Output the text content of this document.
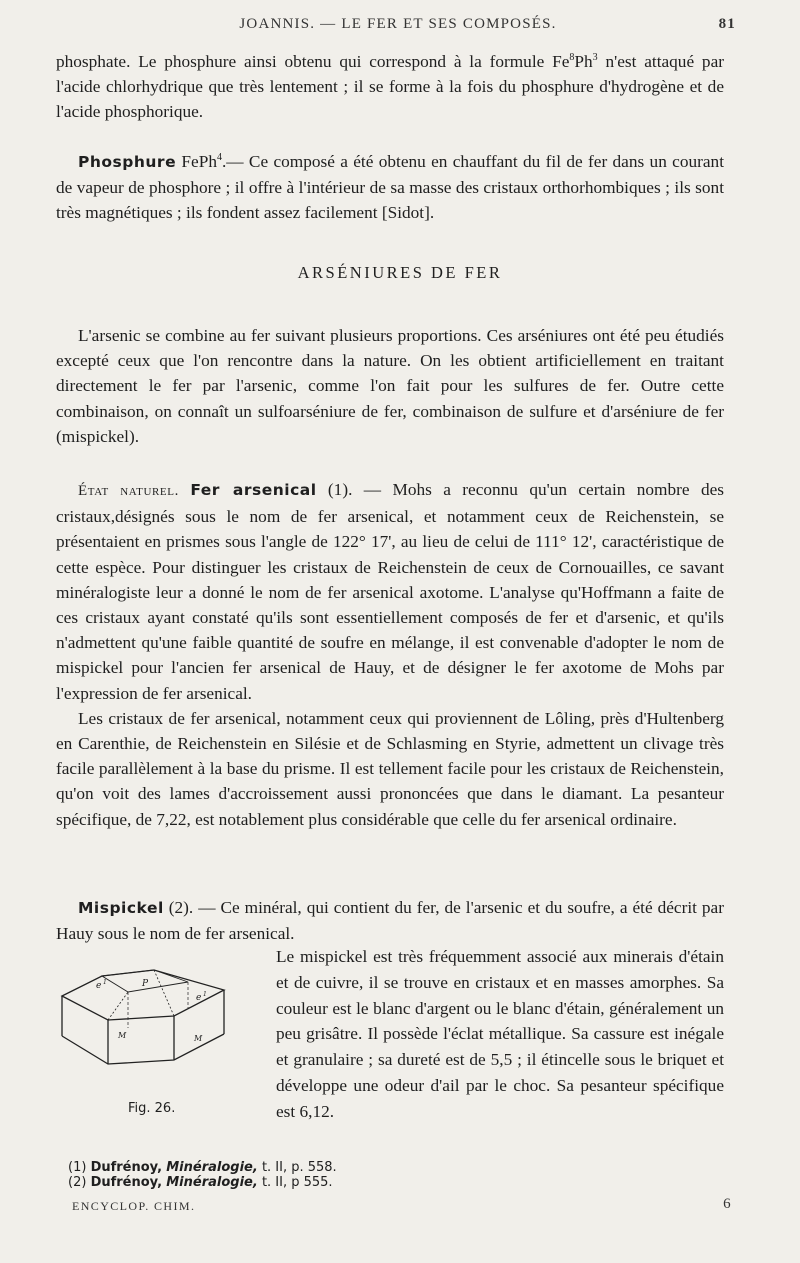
JOANNIS. — LE FER ET SES COMPOSÉS.	81

phosphate. Le phosphure ainsi obtenu qui correspond à la formule Fe$^8$Ph$^3$ n'est attaqué par l'acide chlorhydrique que très lentement ; il se forme à la fois du phosphure d'hydrogène et de l'acide phosphorique.

Phosphure FePh$^4$.— Ce composé a été obtenu en chauffant du fil de fer dans un courant de vapeur de phosphore ; il offre à l'intérieur de sa masse des cristaux orthorhombiques ; ils sont très magnétiques ; ils fondent assez facilement [Sidot].

ARSÉNIURES DE FER

L'arsenic se combine au fer suivant plusieurs proportions. Ces arséniures ont été peu étudiés excepté ceux que l'on rencontre dans la nature. On les obtient artificiellement en traitant directement le fer par l'arsenic, comme l'on fait pour les sulfures de fer. Outre cette combinaison, on connaît un sulfoarséniure de fer, combinaison de sulfure et d'arséniure de fer (mispickel).

État naturel. Fer arsenical (1). — Mohs a reconnu qu'un certain nombre des cristaux,désignés sous le nom de fer arsenical, et notamment ceux de Reichenstein, se présentaient en prismes sous l'angle de 122° 17', au lieu de celui de 111° 12', caractéristique de cette espèce. Pour distinguer les cristaux de Reichenstein de ceux de Cornouailles, ce savant minéralogiste leur a donné le nom de fer arsenical axotome. L'analyse qu'Hoffmann a faite de ces cristaux ayant constaté qu'ils sont essentiellement composés de fer et d'arsenic, et qu'ils n'admettent qu'une faible quantité de soufre en mélange, il est convenable d'adopter le nom de mispickel pour l'ancien fer arsenical de Hauy, et de désigner le fer axotome de Mohs par l'expression de fer arsenical.

Les cristaux de fer arsenical, notamment ceux qui proviennent de Lôling, près d'Hultenberg en Carenthie, de Reichenstein en Silésie et de Schlasming en Styrie, admettent un clivage très facile parallèlement à la base du prisme. Il est tellement facile pour les cristaux de Reichenstein, qu'on voit des lames d'accroissement aussi prononcées que dans le diamant. La pesanteur spécifique, de 7,22, est notablement plus considérable que celle du fer arsenical ordinaire.

Mispickel (2). — Ce minéral, qui contient du fer, de l'arsenic et du soufre, a été décrit par Hauy sous le nom de fer arsenical.

e 1	P
e 1
M	M
Fig. 26.

Le mispickel est très fréquemment associé aux minerais d'étain et de cuivre, il se trouve en cristaux et en masses amorphes. Sa couleur est le blanc d'argent ou le blanc d'étain, généralement un peu grisâtre. Il possède l'éclat métallique. Sa cassure est inégale et granulaire ; sa dureté est de 5,5 ; il étincelle sous le briquet et développe une odeur d'ail par le choc. Sa pesanteur spécifique est 6,12.

(1) Dufrénoy, Minéralogie, t. II, p. 558.
(2) Dufrénoy, Minéralogie, t. II, p 555.
ENCYCLOP. CHIM.	6
